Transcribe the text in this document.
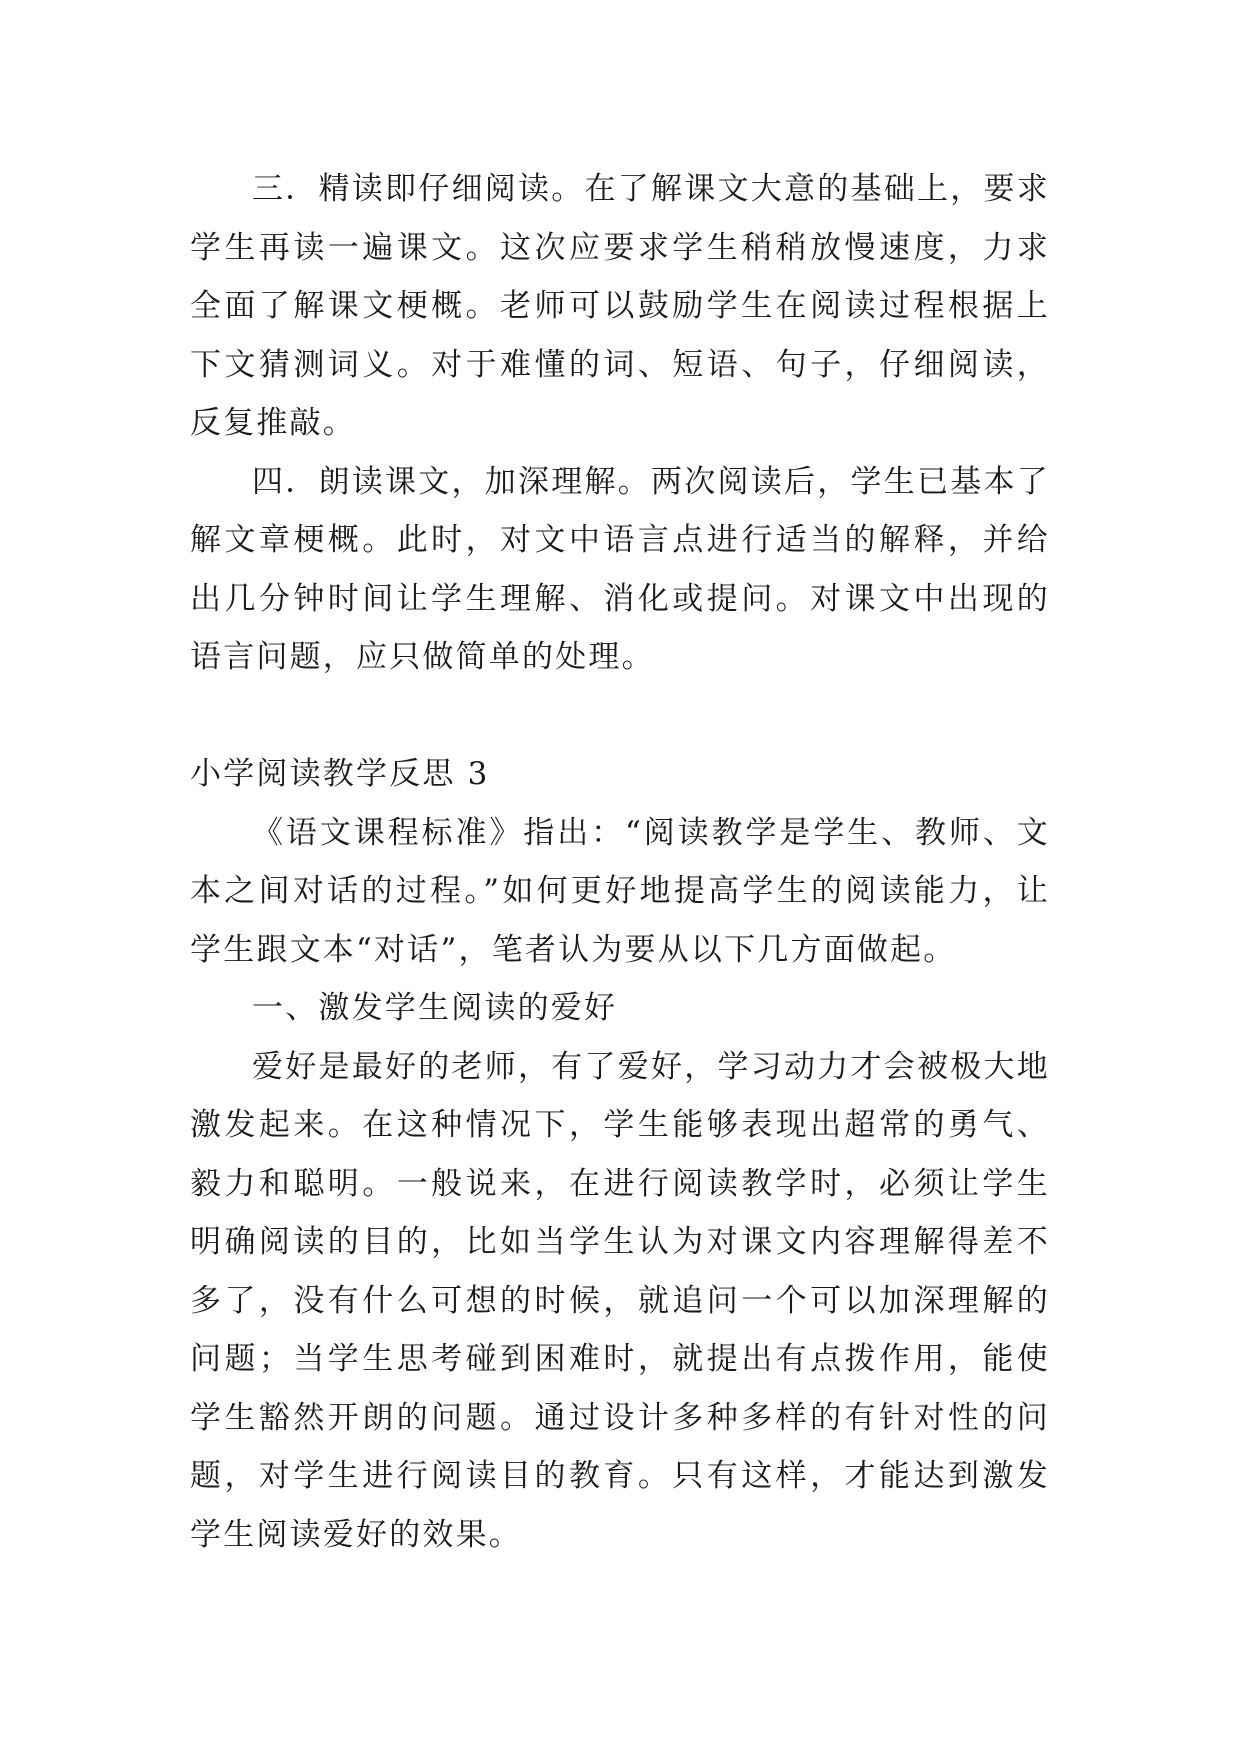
三．精读即仔细阅读。在了解课文大意的基础上，要求学生再读一遍课文。这次应要求学生稍稍放慢速度，力求全面了解课文梗概。老师可以鼓励学生在阅读过程根据上下文猜测词义。对于难懂的词、短语、句子，仔细阅读，反复推敲。

四．朗读课文，加深理解。两次阅读后，学生已基本了解文章梗概。此时，对文中语言点进行适当的解释，并给出几分钟时间让学生理解、消化或提问。对课文中出现的语言问题，应只做简单的处理。

小学阅读教学反思 3

《语文课程标准》指出：“阅读教学是学生、教师、文本之间对话的过程。”如何更好地提高学生的阅读能力，让学生跟文本“对话”，笔者认为要从以下几方面做起。

一、激发学生阅读的爱好

爱好是最好的老师，有了爱好，学习动力才会被极大地激发起来。在这种情况下，学生能够表现出超常的勇气、毅力和聪明。一般说来，在进行阅读教学时，必须让学生明确阅读的目的，比如当学生认为对课文内容理解得差不多了，没有什么可想的时候，就追问一个可以加深理解的问题；当学生思考碰到困难时，就提出有点拨作用，能使学生豁然开朗的问题。通过设计多种多样的有针对性的问题，对学生进行阅读目的教育。只有这样，才能达到激发学生阅读爱好的效果。
